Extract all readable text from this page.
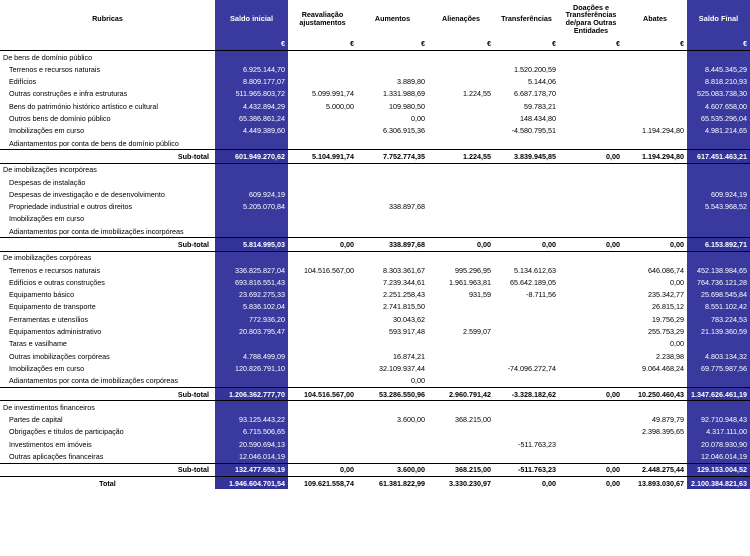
Rubricas	Saldo inicial	Reavaliação ajustamentos	Aumentos	Alienações	Transferências	Doações e Transferências de/para Outras Entidades	Abates	Saldo Final
	€	€	€	€	€	€	€	€
De bens de domínio público								
Terrenos e recursos naturais	6.925.144,70				1.520.200,59			8.445.345,29
Edifícios	8.809.177,07		3.889,80		5.144,06			8.818.210,93
Outras construções e infra estruturas	511.965.803,72	5.099.991,74	1.331.988,69	1.224,55	6.687.178,70			525.083.738,30
Bens do património histórico artístico e cultural	4.432.894,29	5.000,00	109.980,50		59.783,21			4.607.658,00
Outros bens de domínio público	65.386.861,24		0,00		148.434,80			65.535.296,04
Imobilizações em curso	4.449.389,60		6.306.915,36		-4.580.795,51		1.194.294,80	4.981.214,65
Adiantamentos por conta de bens de domínio público								
Sub-total	601.949.270,62	5.104.991,74	7.752.774,35	1.224,55	3.839.945,85	0,00	1.194.294,80	617.451.463,21
De imobilizações incorpóreas								
Despesas de instalação								
Despesas de investigação e de desenvolvimento	609.924,19							609.924,19
Propriedade industrial e outros direitos	5.205.070,84		338.897,68					5.543.968,52
Imobilizações em curso								
Adiantamentos por conta de imobilizações incorpóreas								
Sub-total	5.814.995,03	0,00	338.897,68	0,00	0,00	0,00	0,00	6.153.892,71
De imobilizações corpóreas								
Terrenos e recursos naturais	336.825.827,04	104.516.567,00	8.303.361,67	995.296,95	5.134.612,63		646.086,74	452.138.984,65
Edifícios e outras construções	693.816.551,43		7.239.344,61	1.961.963,81	65.642.189,05		0,00	764.736.121,28
Equipamento básico	23.692.275,33		2.251.258,43	931,59	-8.711,56		235.342,77	25.698.545,84
Equipamento de transporte	5.836.102,04		2.741.815,50				26.815,12	8.551.102,42
Ferramentas e utensílios	772.936,20		30.043,62				19.756,29	783.224,53
Equipamentos administrativo	20.803.795,47		593.917,48	2.599,07			255.753,29	21.139.360,59
Taras e vasilhame							0,00	
Outras imobilizações corpóreas	4.788.499,09		16.874,21				2.238,98	4.803.134,32
Imobilizações em curso	120.826.791,10		32.109.937,44		-74.096.272,74		9.064.468,24	69.775.987,56
Adiantamentos por conta de imobilizações corpóreas			0,00					
Sub-total	1.206.362.777,70	104.516.567,00	53.286.550,96	2.960.791,42	-3.328.182,62	0,00	10.250.460,43	1.347.626.461,19
De investimentos financeiros								
Partes de capital	93.125.443,22		3.600,00	368.215,00			49.879,79	92.710.948,43
Obrigações e títulos de participação	6.715.506,65						2.398.395,65	4.317.111,00
Investimentos em imóveis	20.590.694,13				-511.763,23			20.078.930,90
Outras aplicações financeiras	12.046.014,19							12.046.014,19
Sub-total	132.477.658,19	0,00	3.600,00	368.215,00	-511.763,23	0,00	2.448.275,44	129.153.004,52
Total	1.946.604.701,54	109.621.558,74	61.381.822,99	3.330.230,97	0,00	0,00	13.893.030,67	2.100.384.821,63
